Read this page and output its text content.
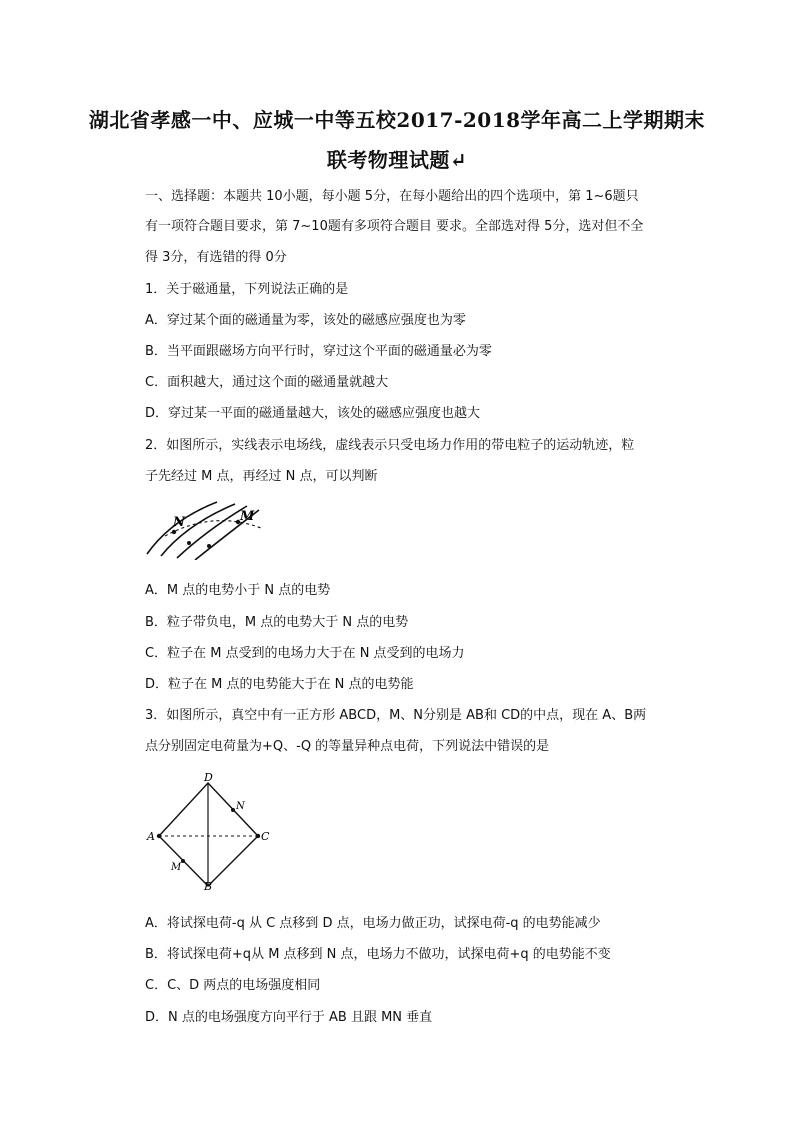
湖北省孝感一中、应城一中等五校2017-2018学年高二上学期期末
联考物理试题↵
一、选择题：本题共 10小题，每小题 5分，在每小题给出的四个选项中，第 1~6题只
有一项符合题目要求，第 7~10题有多项符合题目 要求。全部选对得 5分，选对但不全
得 3分，有选错的得 0分
1．关于磁通量，下列说法正确的是
A．穿过某个面的磁通量为零，该处的磁感应强度也为零
B．当平面跟磁场方向平行时，穿过这个平面的磁通量必为零
C．面积越大，通过这个面的磁通量就越大
D．穿过某一平面的磁通量越大，该处的磁感应强度也越大
2．如图所示，实线表示电场线，虚线表示只受电场力作用的带电粒子的运动轨迹，粒
子先经过 M 点，再经过 N 点，可以判断
N	M
A．M 点的电势小于 N 点的电势
B．粒子带负电，M 点的电势大于 N 点的电势
C．粒子在 M 点受到的电场力大于在 N 点受到的电场力
D．粒子在 M 点的电势能大于在 N 点的电势能
3．如图所示，真空中有一正方形 ABCD，M、N分别是 AB和 CD的中点，现在 A、B两
点分别固定电荷量为+Q、-Q 的等量异种点电荷，下列说法中错误的是
D
A	C
B
N
M
A．将试探电荷-q 从 C 点移到 D 点，电场力做正功，试探电荷-q 的电势能减少
B．将试探电荷+q从 M 点移到 N 点，电场力不做功，试探电荷+q 的电势能不变
C．C、D 两点的电场强度相同
D．N 点的电场强度方向平行于 AB 且跟 MN 垂直
